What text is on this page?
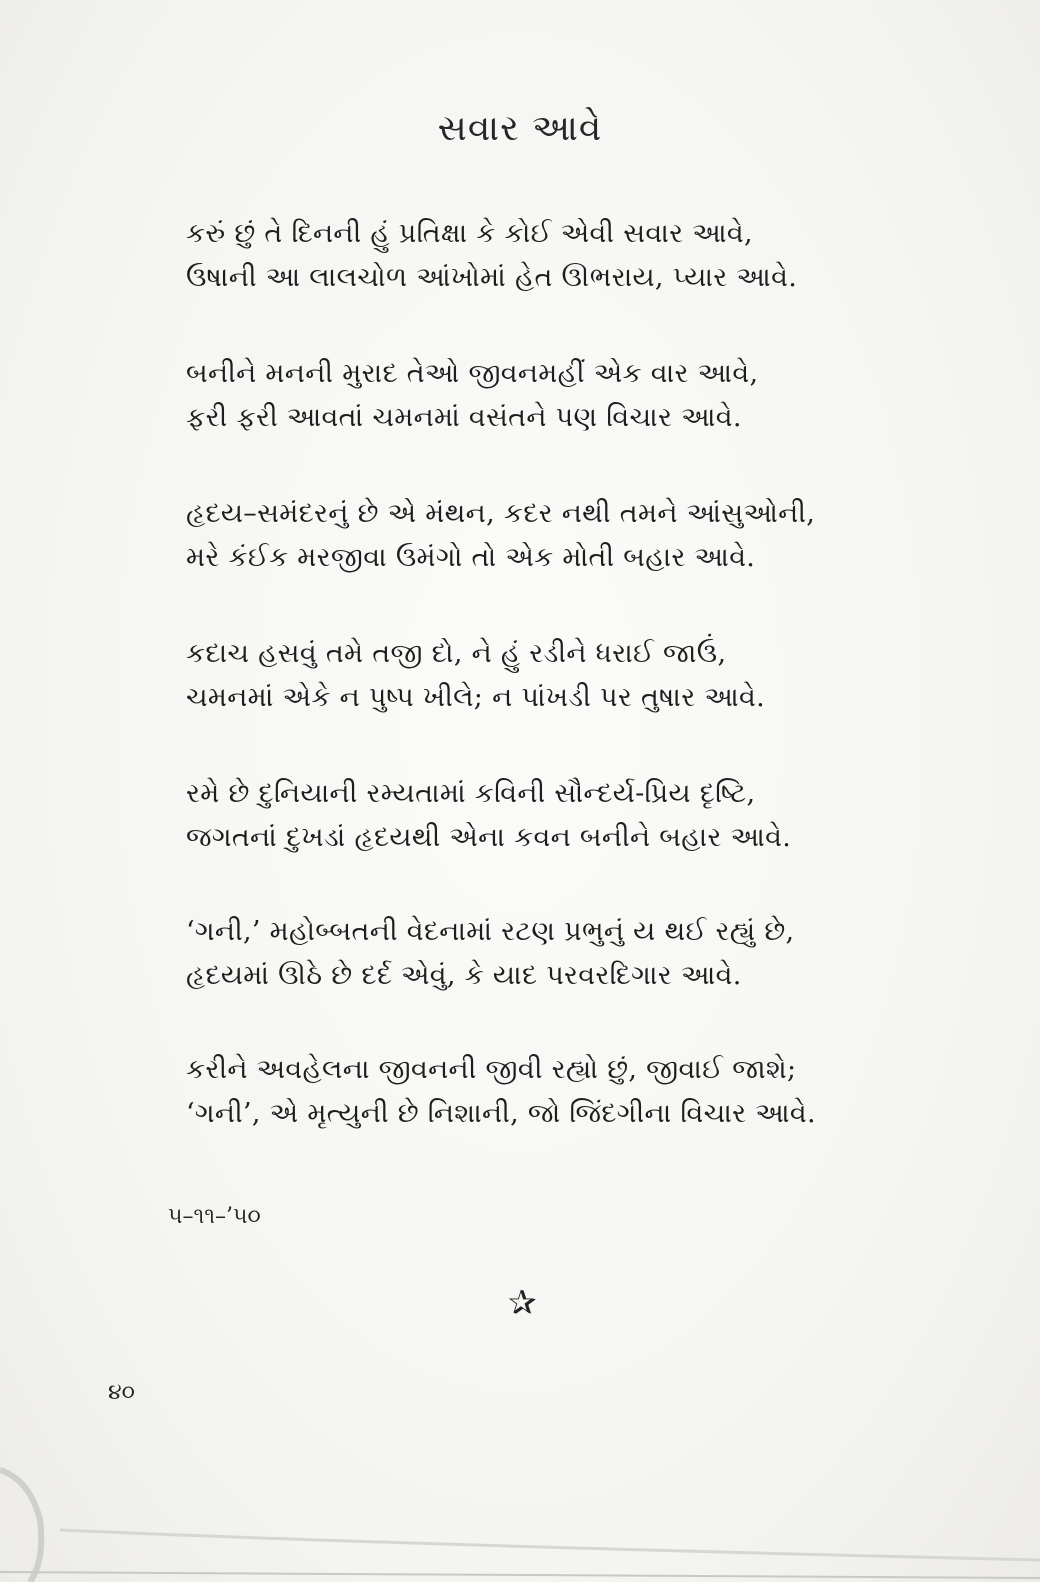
સવાર આવે
કરું છું તે દિનની હું પ્રતિક્ષા કે કોઈ એવી સવાર આવે,
ઉષાની આ લાલચોળ આંખોમાં હેત ઊભરાય, પ્યાર આવે.
બનીને મનની મુરાદ તેઓ જીવનમહીં એક વાર આવે,
ફરી ફરી આવતાં ચમનમાં વસંતને પણ વિચાર આવે.
હૃદય–સમંદરનું છે એ મંથન, કદર નથી તમને આંસુઓની,
મરે કંઈક મરજીવા ઉમંગો તો એક મોતી બહાર આવે.
કદાચ હસવું તમે તજી દો, ને હું રડીને ધરાઈ જાઉં,
ચમનમાં એકે ન પુષ્પ ખીલે; ન પાંખડી પર તુષાર આવે.
રમે છે દુનિયાની રમ્યતામાં કવિની સૌન્દર્ય-પ્રિય દૃષ્ટિ,
જગતનાં દુખડાં હૃદયથી એના કવન બનીને બહાર આવે.
‘ગની,’ મહોબ્બતની વેદનામાં રટણ પ્રભુનું ય થઈ રહ્યું છે,
હૃદયમાં ઊઠે છે દર્દ એવું, કે યાદ પરવરદિગાર આવે.
કરીને અવહેલના જીવનની જીવી રહ્યો છું, જીવાઈ જાશે;
‘ગની’, એ મૃત્યુની છે નિશાની, જો જિંદગીના વિચાર આવે.
૫–૧૧–’૫૦
✰
૪૦
